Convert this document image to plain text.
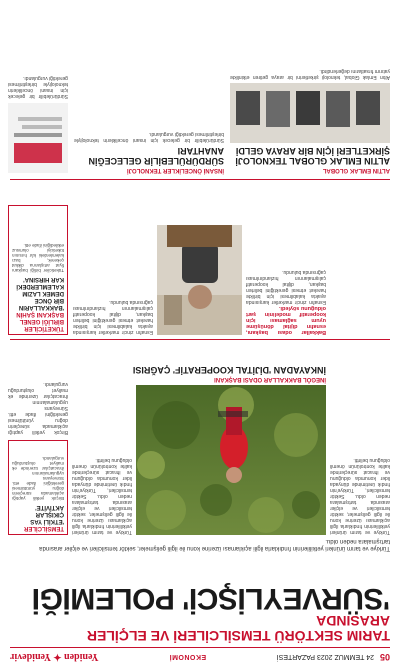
05
24 TEMMUZ 2023 PAZARTESİ
EKONOMİ
Yeniden ✦ Yenidevir
TARIM SEKTÖRÜ TEMSİLCİLERİ VE ELÇİLER ARASINDA
'SÜRVEYLİŞCİ' POLEMİĞİ
Türkiye ve tarım ürünleri yetkililerinin fındıklarla ilgili açıklaması üzerine konu ile ilgili gelişmeler, sektör temsilcileri ve elçiler arasında tartışmalara neden oldu.
Türkiye ve tarım ürünleri yetkililerinin fındıklarla ilgili açıklaması üzerine konu ile ilgili gelişmeler, sektör temsilcileri ve elçiler arasında tartışmalara neden oldu. Sektör temsilcileri, Türkiye'nin fındık üretiminde dünyada lider konumda olduğunu ve ihracat süreçlerinde kalite kontrolünün önemli olduğunu belirtti.
Türkiye ve tarım ürünleri yetkililerinin fındıklarla ilgili açıklaması üzerine konu ile ilgili gelişmeler, sektör temsilcileri ve elçiler arasında tartışmalara neden oldu. Sektör temsilcileri, Türkiye'nin fındık üretiminde dünyada lider konumda olduğunu ve ihracat süreçlerinde kalite kontrolünün önemli olduğunu belirtti.
TEMSİLCİLER
'ETKİLİ YAS ÇIKIŞLAR AKTİVİTE'
Birçok yetkili yaptığı açıklamada süreçlerin doğru yürütülmesi gerektiğini ifade etti. Sürveyans uygulamalarının ihracatçılar üzerinde ek maliyet oluşturduğu vurgulandı.
Birçok yetkili yaptığı açıklamada süreçlerin doğru yürütülmesi gerektiğini ifade etti. Sürveyans uygulamalarının ihracatçılar üzerinde ek maliyet oluşturduğu vurgulandı.
İNEGÖL BAKKALLAR ODASI BAŞKANI
İNKAYADAN 'DİJİTAL KOOPERATİF' ÇAĞRISI
Bakkallar odası başkanı, esnafın dijital dönüşüme uyum sağlaması için kooperatif modelinin şart olduğunu söyledi.
Esnafın zincir marketler karşısında ayakta kalabilmesi için birlikte hareket etmesi gerektiğini belirten başkan, dijital kooperatif çalışmalarının hızlandırılması çağrısında bulundu.
Esnafın zincir marketler karşısında ayakta kalabilmesi için birlikte hareket etmesi gerektiğini belirten başkan, dijital kooperatif çalışmalarının hızlandırılması çağrısında bulundu.
TÜKETİCİLER BİRLİĞİ GENEL BAŞKANI ŞAHİN
'BAKKALLARIN BİR ÖNCE DEMEK LAZIM KALEMLERDEKİ KAR HIRSINA'
Tüketiciler birliği başkanı fiyat artışlarına dikkat çekerek, bazı kalemlerdeki kâr hırsının tüketiciyi olumsuz etkilediğini ifade etti.
ALTIN EMLAK GLOBAL
ALTIN EMLAK GLOBAL TEKNOLOJİ ŞİRKETLERİ İÇİN BİR ARAYA GELDİ
Altın Emlak Global, teknoloji şirketlerini bir araya getiren etkinlikte yatırım fırsatlarını değerlendirdi.
İNSANİ ÖNCELİKLER TEKNOLOJİ
SÜRDÜRÜLEBİLİR GELECEĞİN ANAHTARI
Sürdürülebilir bir gelecek için insani önceliklerin teknolojiyle birleştirilmesi gerektiği vurgulandı.
Sürdürülebilir bir gelecek için insani önceliklerin teknolojiyle birleştirilmesi gerektiği vurgulandı.
